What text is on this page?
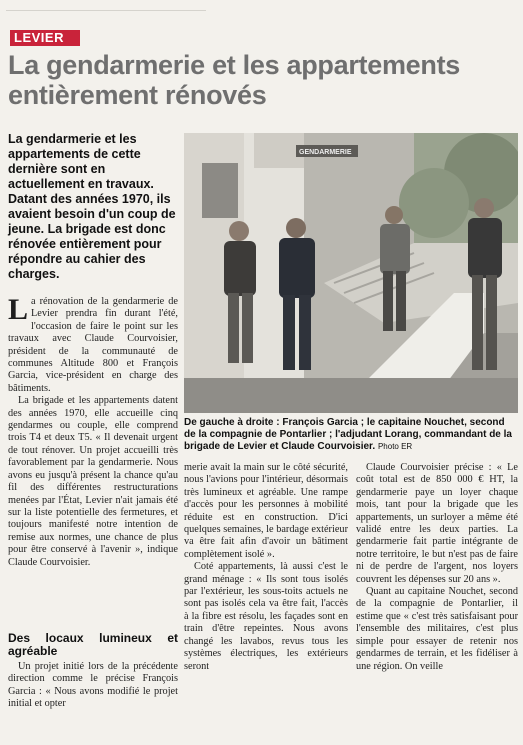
LEVIER
La gendarmerie et les appartements entièrement rénovés

La gendarmerie et les appartements de cette dernière sont en actuellement en travaux. Datant des années 1970, ils avaient besoin d'un coup de jeune. La brigade est donc rénovée entièrement pour répondre au cahier des charges.

GENDARMERIE

De gauche à droite : François Garcia ; le capitaine Nouchet, second de la compagnie de Pontarlier ; l'adjudant Lorang, commandant de la brigade de Levier et Claude Courvoisier. Photo ER

La rénovation de la gendarmerie de Levier prendra fin durant l'été, l'occasion de faire le point sur les travaux avec Claude Courvoisier, président de la communauté de communes Altitude 800 et François Garcia, vice-président en charge des bâtiments.

La brigade et les appartements datent des années 1970, elle accueille cinq gendarmes ou couple, elle comprend trois T4 et deux T5. « Il devenait urgent de tout rénover. Un projet accueilli très favorablement par la gendarmerie. Nous avons eu jusqu'à présent la chance qu'au fil des différentes restructurations menées par l'État, Levier n'ait jamais été sur la liste potentielle des fermetures, et toujours manifesté notre intention de remise aux normes, une chance de plus pour être conservé à l'avenir », indique Claude Courvoisier.

Des locaux lumineux et agréable

Un projet initié lors de la précédente direction comme le précise François Garcia : « Nous avons modifié le projet initial et opter

merie avait la main sur le côté sécurité, nous l'avions pour l'intérieur, désormais très lumineux et agréable. Une rampe d'accès pour les personnes à mobilité réduite est en construction. D'ici quelques semaines, le bardage extérieur va être fait afin d'avoir un bâtiment complètement isolé ».

Coté appartements, là aussi c'est le grand ménage : « Ils sont tous isolés par l'extérieur, les sous-toits actuels ne sont pas isolés cela va être fait, l'accès à la fibre est résolu, les façades sont en train d'être repeintes. Nous avons changé les lavabos, revus tous les systèmes électriques, les extérieurs seront

Claude Courvoisier précise : « Le coût total est de 850 000 € HT, la gendarmerie paye un loyer chaque mois, tant pour la brigade que les appartements, un surloyer a même été validé entre les deux parties. La gendarmerie fait partie intégrante de notre territoire, le but n'est pas de faire ni de perdre de l'argent, nos loyers couvrent les dépenses sur 20 ans ».

Quant au capitaine Nouchet, second de la compagnie de Pontarlier, il estime que « c'est très satisfaisant pour l'ensemble des militaires, c'est plus simple pour essayer de retenir nos gendarmes de terrain, et les fidéliser à une région. On veille
